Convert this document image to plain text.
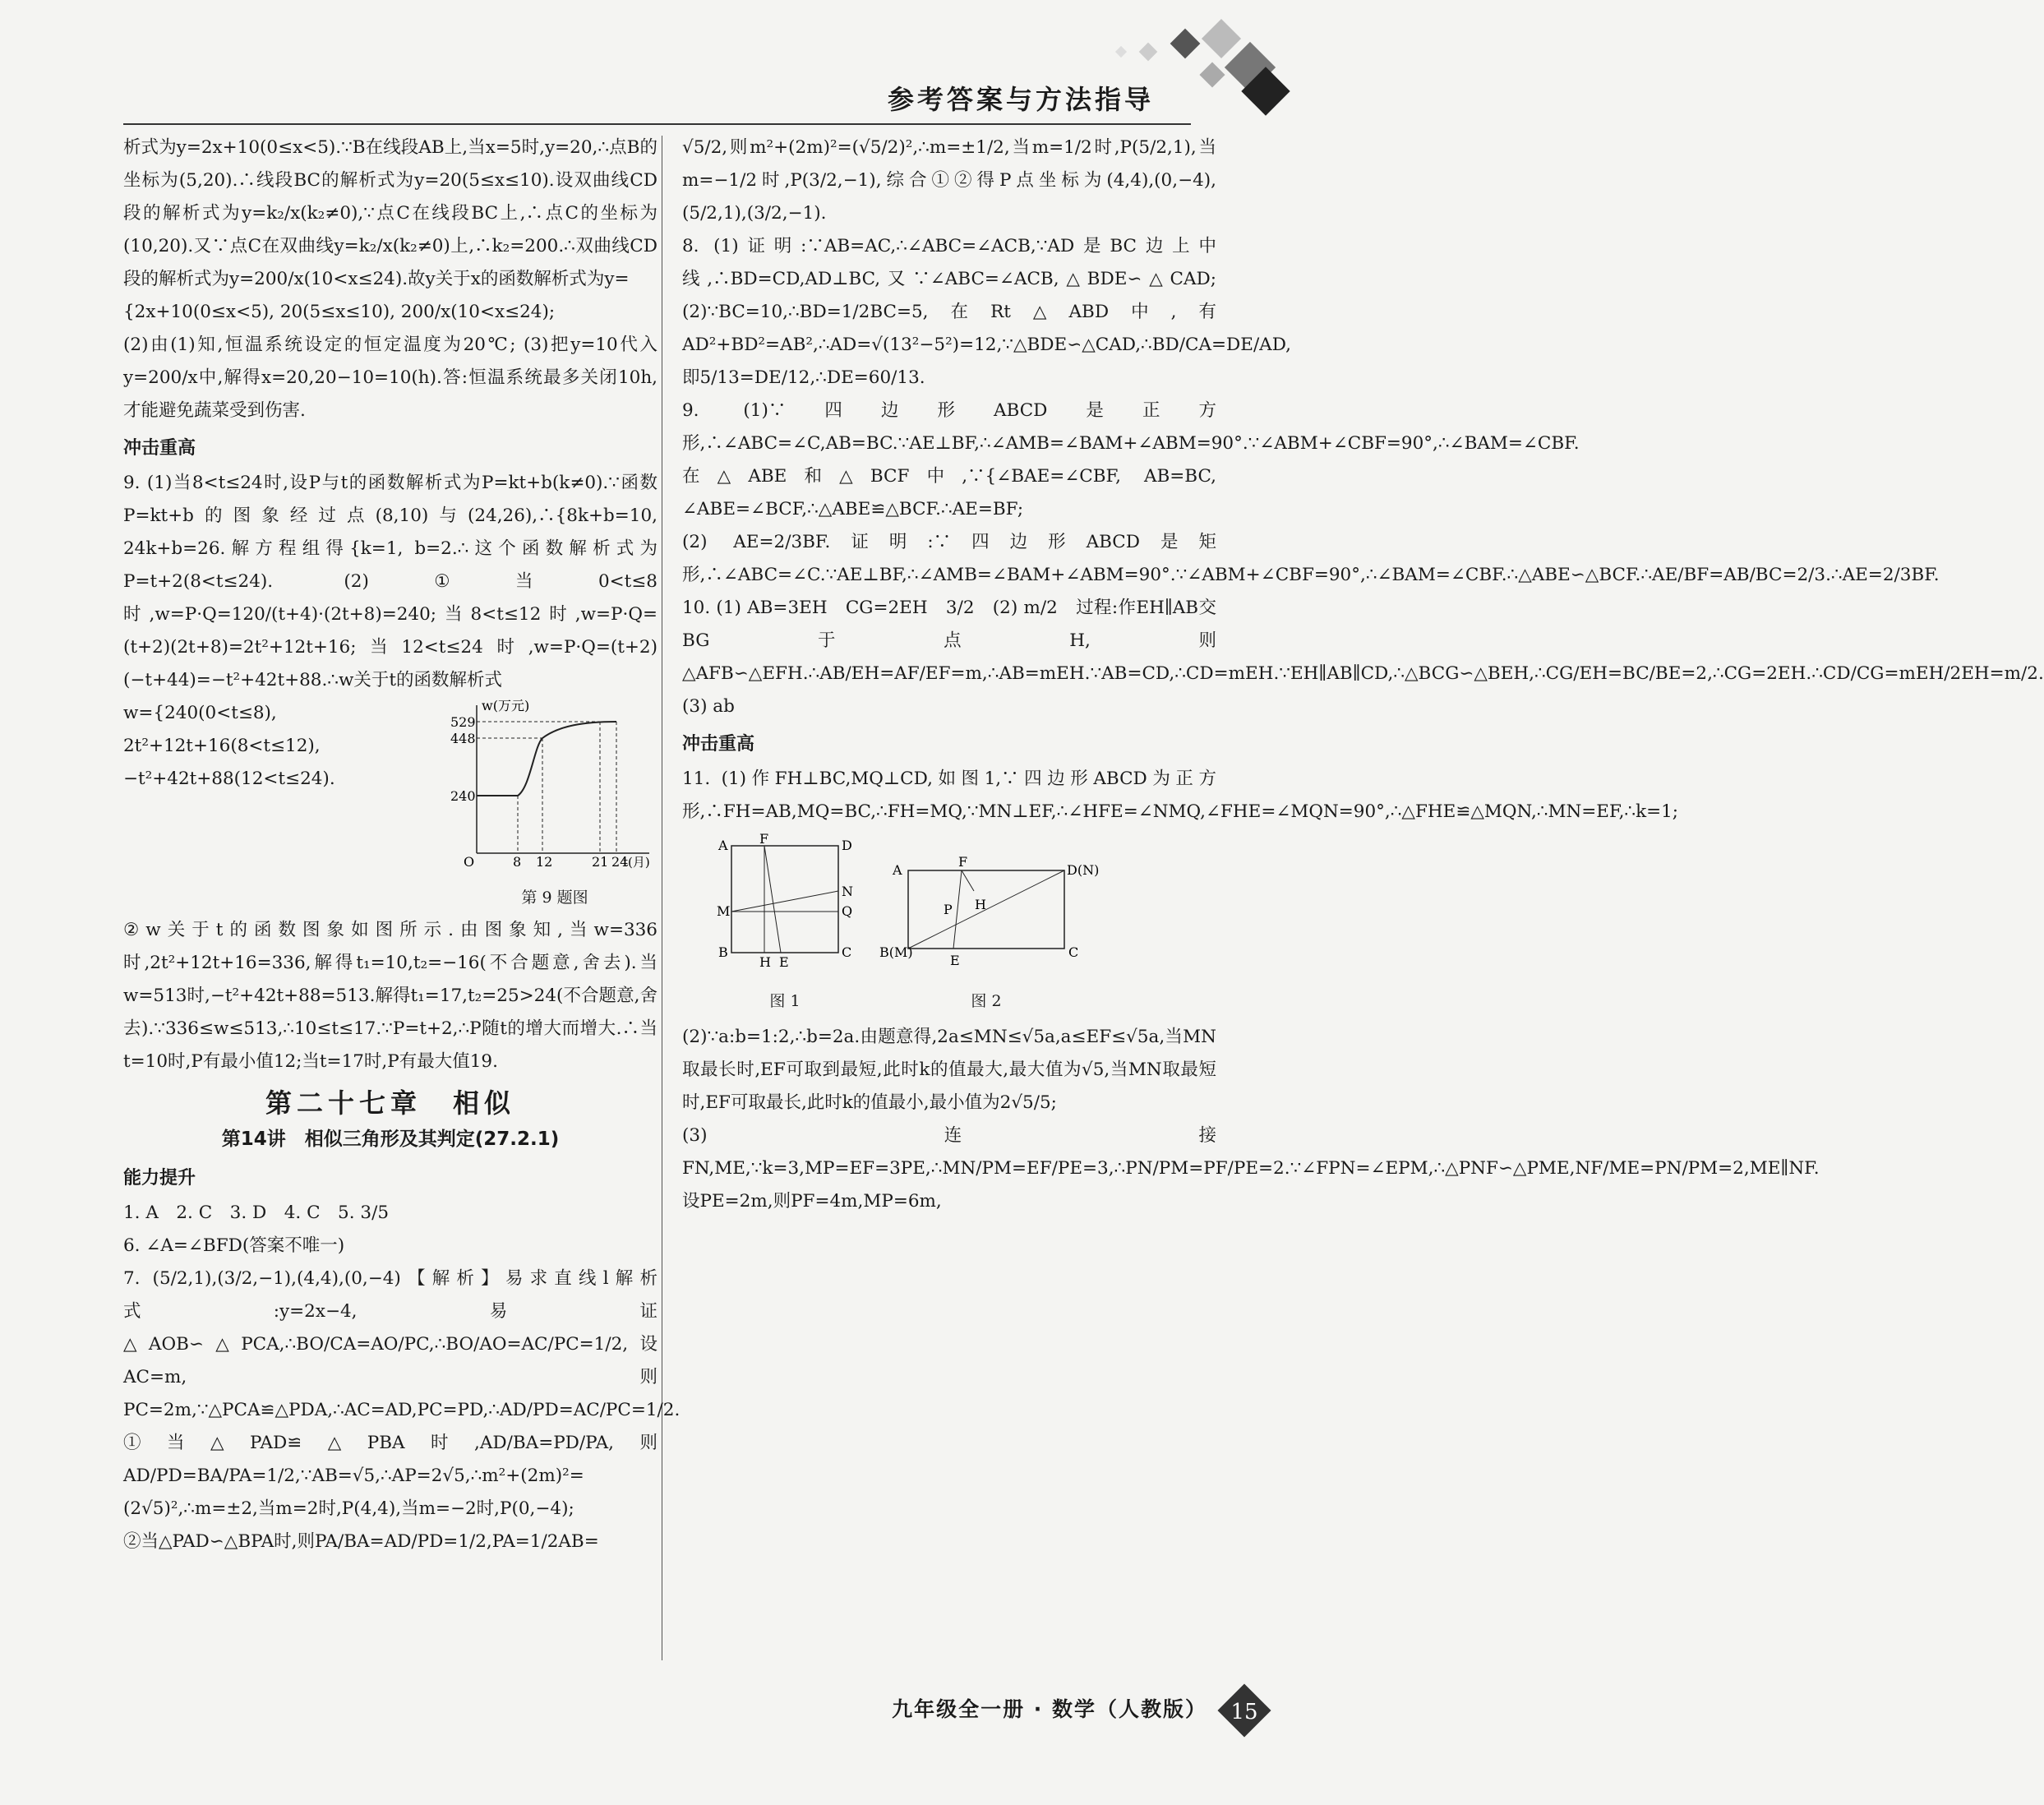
参考答案与方法指导

析式为y=2x+10(0≤x<5).∵B在线段AB上,当x=5时,y=20,∴点B的坐标为(5,20).∴线段BC的解析式为y=20(5≤x≤10).设双曲线CD段的解析式为y=k₂/x(k₂≠0),∵点C在线段BC上,∴点C的坐标为(10,20).又∵点C在双曲线y=k₂/x(k₂≠0)上,∴k₂=200.∴双曲线CD段的解析式为y=200/x(10<x≤24).故y关于x的函数解析式为y=

{2x+10(0≤x<5), 20(5≤x≤10), 200/x(10<x≤24);

(2)由(1)知,恒温系统设定的恒定温度为20℃; (3)把y=10代入y=200/x中,解得x=20,20−10=10(h).答:恒温系统最多关闭10h,才能避免蔬菜受到伤害.

冲击重高

9. (1)当8<t≤24时,设P与t的函数解析式为P=kt+b(k≠0).∵函数P=kt+b的图象经过点(8,10)与(24,26),∴{8k+b=10, 24k+b=26.解方程组得{k=1, b=2.∴这个函数解析式为P=t+2(8<t≤24). (2)①当0<t≤8时,w=P·Q=120/(t+4)·(2t+8)=240;当8<t≤12时,w=P·Q=(t+2)(2t+8)=2t²+12t+16;当12<t≤24时,w=P·Q=(t+2)(−t+44)=−t²+42t+88.∴w关于t的函数解析式

w={240(0<t≤8), 2t²+12t+16(8<t≤12), −t²+42t+88(12<t≤24).

w(万元)
529
448
240
O	8 12	21 24
t(月)
第 9 题图

②w关于t的函数图象如图所示.由图象知,当w=336时,2t²+12t+16=336,解得t₁=10,t₂=−16(不合题意,舍去).当w=513时,−t²+42t+88=513.解得t₁=17,t₂=25>24(不合题意,舍去).∵336≤w≤513,∴10≤t≤17.∵P=t+2,∴P随t的增大而增大.∴当t=10时,P有最小值12;当t=17时,P有最大值19.

第二十七章　相似
第14讲　相似三角形及其判定(27.2.1)
能力提升

1. A　2. C　3. D　4. C　5. 3/5

6. ∠A=∠BFD(答案不唯一)

7. (5/2,1),(3/2,−1),(4,4),(0,−4)【解析】易求直线l解析式:y=2x−4,易证△AOB∽△PCA,∴BO/CA=AO/PC,∴BO/AO=AC/PC=1/2,设AC=m,则PC=2m,∵△PCA≌△PDA,∴AC=AD,PC=PD,∴AD/PD=AC/PC=1/2.

①当△PAD≌△PBA时,AD/BA=PD/PA,则AD/PD=BA/PA=1/2,∵AB=√5,∴AP=2√5,∴m²+(2m)²=(2√5)²,∴m=±2,当m=2时,P(4,4),当m=−2时,P(0,−4);

②当△PAD∽△BPA时,则PA/BA=AD/PD=1/2,PA=1/2AB=

√5/2,则m²+(2m)²=(√5/2)²,∴m=±1/2,当m=1/2时,P(5/2,1),当m=−1/2时,P(3/2,−1),综合①②得P点坐标为(4,4),(0,−4),(5/2,1),(3/2,−1).

8. (1)证明:∵AB=AC,∴∠ABC=∠ACB,∵AD是BC边上中线,∴BD=CD,AD⊥BC,又∵∠ABC=∠ACB,△BDE∽△CAD; (2)∵BC=10,∴BD=1/2BC=5,在Rt△ABD中,有AD²+BD²=AB²,∴AD=√(13²−5²)=12,∵△BDE∽△CAD,∴BD/CA=DE/AD,即5/13=DE/12,∴DE=60/13.

9. (1)∵四边形ABCD是正方形,∴∠ABC=∠C,AB=BC.∵AE⊥BF,∴∠AMB=∠BAM+∠ABM=90°.∵∠ABM+∠CBF=90°,∴∠BAM=∠CBF.在△ABE和△BCF中,∵{∠BAE=∠CBF, AB=BC, ∠ABE=∠BCF,∴△ABE≌△BCF.∴AE=BF;

(2) AE=2/3BF.证明:∵四边形ABCD是矩形,∴∠ABC=∠C.∵AE⊥BF,∴∠AMB=∠BAM+∠ABM=90°.∵∠ABM+∠CBF=90°,∴∠BAM=∠CBF.∴△ABE∽△BCF.∴AE/BF=AB/BC=2/3.∴AE=2/3BF.

10. (1) AB=3EH　CG=2EH　3/2　(2) m/2　过程:作EH∥AB交BG于点H,则△AFB∽△EFH.∴AB/EH=AF/EF=m,∴AB=mEH.∵AB=CD,∴CD=mEH.∵EH∥AB∥CD,∴△BCG∽△BEH,∴CG/EH=BC/BE=2,∴CG=2EH.∴CD/CG=mEH/2EH=m/2.(3) ab

冲击重高

11. (1)作FH⊥BC,MQ⊥CD,如图1,∵四边形ABCD为正方形,∴FH=AB,MQ=BC,∴FH=MQ,∵MN⊥EF,∴∠HFE=∠NMQ,∠FHE=∠MQN=90°,∴△FHE≌△MQN,∴MN=EF,∴k=1;

A F	D
N
M	Q
B
H E
C
图 1
A
F
D(N)
P H
B(M)
E
C
图 2

(2)∵a:b=1:2,∴b=2a.由题意得,2a≤MN≤√5a,a≤EF≤√5a,当MN取最长时,EF可取到最短,此时k的值最大,最大值为√5,当MN取最短时,EF可取最长,此时k的值最小,最小值为2√5/5;

(3)连接FN,ME,∵k=3,MP=EF=3PE,∴MN/PM=EF/PE=3,∴PN/PM=PF/PE=2.∵∠FPN=∠EPM,∴△PNF∽△PME,NF/ME=PN/PM=2,ME∥NF.设PE=2m,则PF=4m,MP=6m,

九年级全一册 · 数学（人教版） 15
